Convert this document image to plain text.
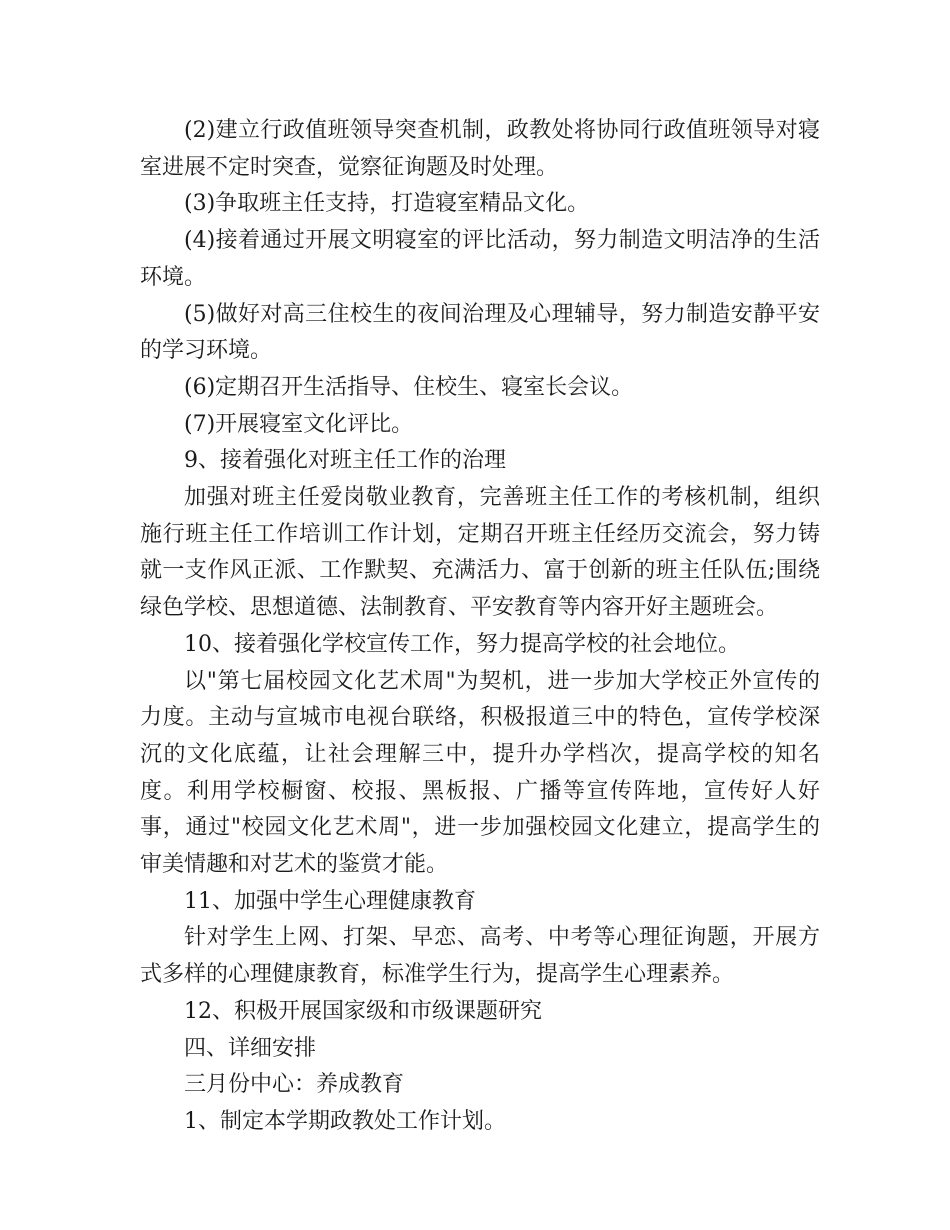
(2)建立行政值班领导突查机制，政教处将协同行政值班领导对寝室进展不定时突查，觉察征询题及时处理。

(3)争取班主任支持，打造寝室精品文化。

(4)接着通过开展文明寝室的评比活动，努力制造文明洁净的生活环境。

(5)做好对高三住校生的夜间治理及心理辅导，努力制造安静平安的学习环境。

(6)定期召开生活指导、住校生、寝室长会议。

(7)开展寝室文化评比。

9、接着强化对班主任工作的治理

加强对班主任爱岗敬业教育，完善班主任工作的考核机制，组织施行班主任工作培训工作计划，定期召开班主任经历交流会，努力铸就一支作风正派、工作默契、充满活力、富于创新的班主任队伍;围绕绿色学校、思想道德、法制教育、平安教育等内容开好主题班会。

10、接着强化学校宣传工作，努力提高学校的社会地位。

以"第七届校园文化艺术周"为契机，进一步加大学校正外宣传的力度。主动与宣城市电视台联络，积极报道三中的特色，宣传学校深沉的文化底蕴，让社会理解三中，提升办学档次，提高学校的知名度。利用学校橱窗、校报、黑板报、广播等宣传阵地，宣传好人好事，通过"校园文化艺术周"，进一步加强校园文化建立，提高学生的审美情趣和对艺术的鉴赏才能。

11、加强中学生心理健康教育

针对学生上网、打架、早恋、高考、中考等心理征询题，开展方式多样的心理健康教育，标准学生行为，提高学生心理素养。

12、积极开展国家级和市级课题研究

四、详细安排

三月份中心：养成教育

1、制定本学期政教处工作计划。
